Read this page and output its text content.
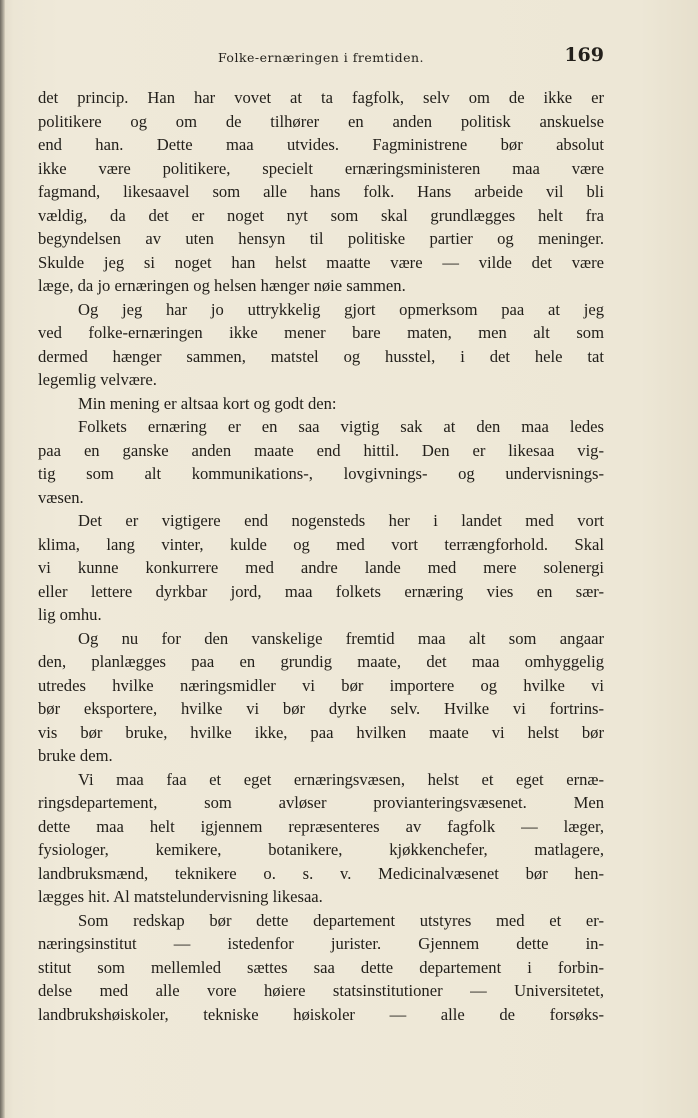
Folke-ernæringen i fremtiden.	169
det princip. Han har vovet at ta fagfolk, selv om de ikke er
politikere og om de tilhører en anden politisk anskuelse
end han. Dette maa utvides. Fagministrene bør absolut
ikke være politikere, specielt ernæringsministeren maa være
fagmand, likesaavel som alle hans folk. Hans arbeide vil bli
vældig, da det er noget nyt som skal grundlægges helt fra
begyndelsen av uten hensyn til politiske partier og meninger.
Skulde jeg si noget han helst maatte være — vilde det være
læge, da jo ernæringen og helsen hænger nøie sammen.
Og jeg har jo uttrykkelig gjort opmerksom paa at jeg
ved folke-ernæringen ikke mener bare maten, men alt som
dermed hænger sammen, matstel og husstel, i det hele tat
legemlig velvære.
Min mening er altsaa kort og godt den:
Folkets ernæring er en saa vigtig sak at den maa ledes
paa en ganske anden maate end hittil. Den er likesaa vig-
tig som alt kommunikations-, lovgivnings- og undervisnings-
væsen.
Det er vigtigere end nogensteds her i landet med vort
klima, lang vinter, kulde og med vort terrængforhold. Skal
vi kunne konkurrere med andre lande med mere solenergi
eller lettere dyrkbar jord, maa folkets ernæring vies en sær-
lig omhu.
Og nu for den vanskelige fremtid maa alt som angaar
den, planlægges paa en grundig maate, det maa omhyggelig
utredes hvilke næringsmidler vi bør importere og hvilke vi
bør eksportere, hvilke vi bør dyrke selv. Hvilke vi fortrins-
vis bør bruke, hvilke ikke, paa hvilken maate vi helst bør
bruke dem.
Vi maa faa et eget ernæringsvæsen, helst et eget ernæ-
ringsdepartement, som avløser provianteringsvæsenet. Men
dette maa helt igjennem repræsenteres av fagfolk — læger,
fysiologer, kemikere, botanikere, kjøkkenchefer, matlagere,
landbruksmænd, teknikere o. s. v. Medicinalvæsenet bør hen-
lægges hit. Al matstelundervisning likesaa.
Som redskap bør dette departement utstyres med et er-
næringsinstitut — istedenfor jurister. Gjennem dette in-
stitut som mellemled sættes saa dette departement i forbin-
delse med alle vore høiere statsinstitutioner — Universitetet,
landbrukshøiskoler, tekniske høiskoler — alle de forsøks-
